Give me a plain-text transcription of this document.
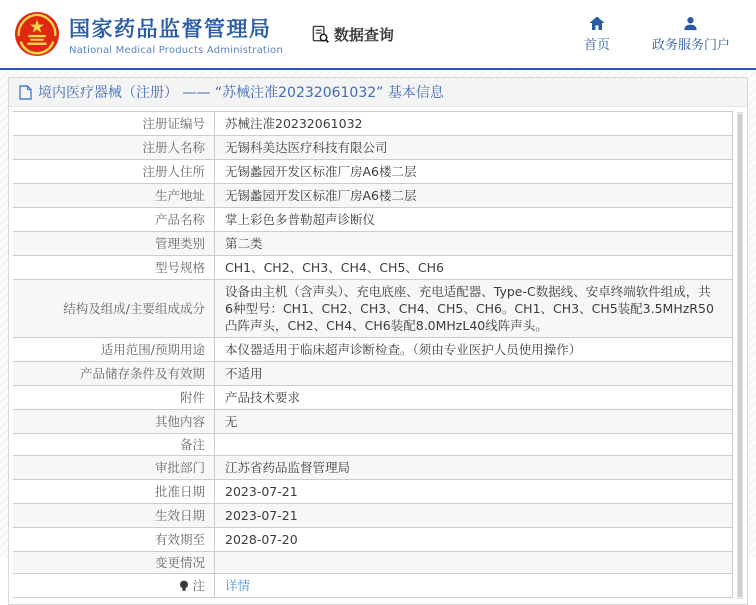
国家药品监督管理局
National Medical Products Administration
数据查询
首页	政务服务门户
境内医疗器械（注册） —— “苏械注准20232061032” 基本信息
注册证编号 苏械注准20232061032
注册人名称 无锡科美达医疗科技有限公司
注册人住所 无锡蠡园开发区标准厂房A6楼二层
生产地址 无锡蠡园开发区标准厂房A6楼二层
产品名称 掌上彩色多普勒超声诊断仪
管理类别 第二类
型号规格 CH1、CH2、CH3、CH4、CH5、CH6
结构及组成/主要组成成分
设备由主机（含声头）、充电底座、充电适配器、Type-C数据线、安卓终端软件组成，共 6种型号：CH1、CH2、CH3、CH4、CH5、CH6。CH1、CH3、CH5装配3.5MHzR50凸阵声头，CH2、CH4、CH6装配8.0MHzL40线阵声头。
适用范围/预期用途 本仪器适用于临床超声诊断检查。（须由专业医护人员使用操作）
产品储存条件及有效期 不适用
附件 产品技术要求
其他内容 无
备注
审批部门 江苏省药品监督管理局
批准日期 2023-07-21
生效日期 2023-07-21
有效期至 2028-07-20
变更情况
注 详情
